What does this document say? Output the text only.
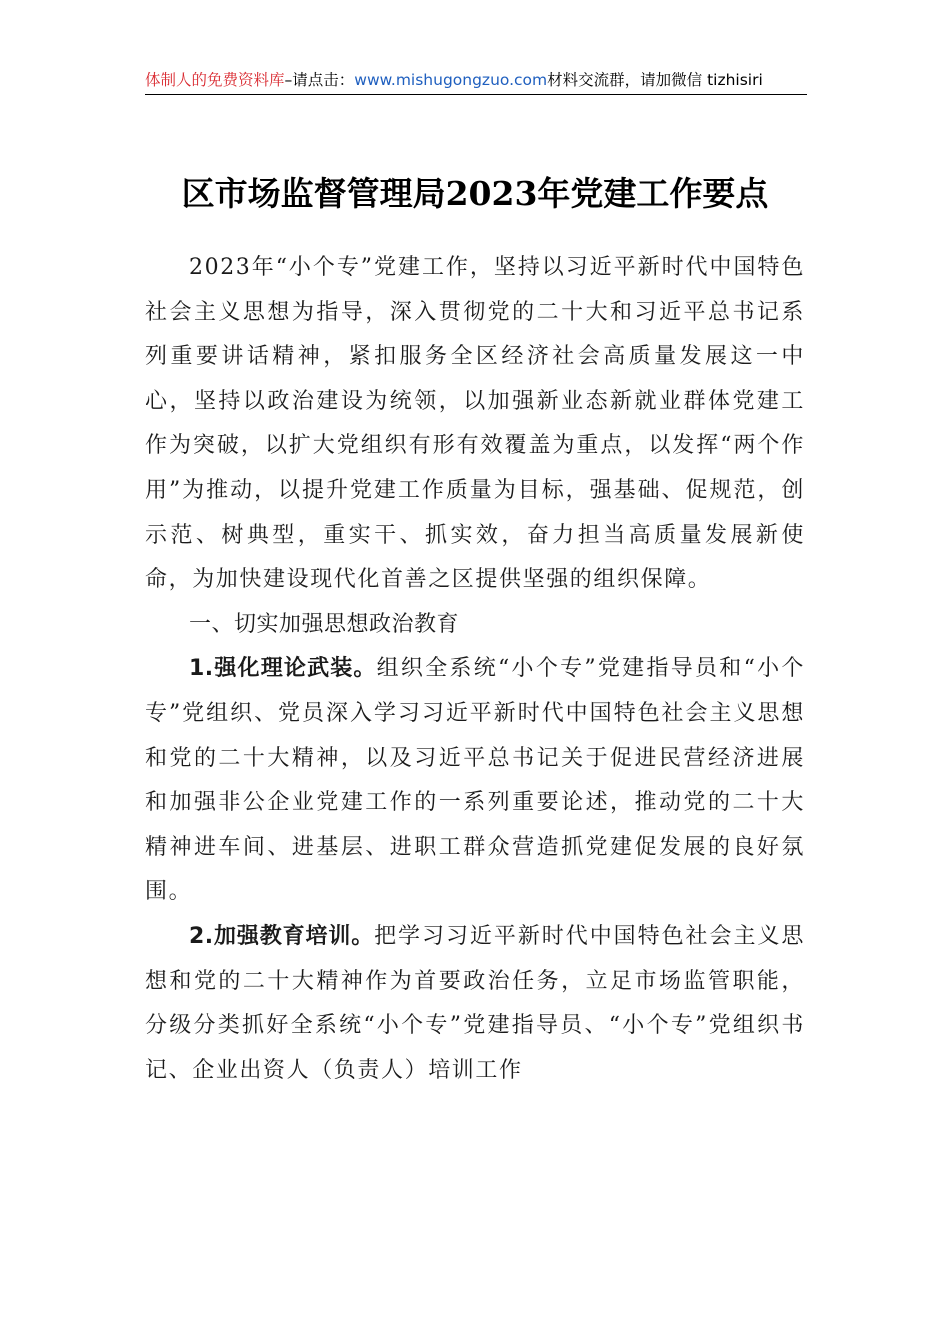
体制人的免费资料库–请点击：www.mishugongzuo.com材料交流群，请加微信 tizhisiri
区市场监督管理局2023年党建工作要点

2023年“小个专”党建工作，坚持以习近平新时代中国特色社会主义思想为指导，深入贯彻党的二十大和习近平总书记系列重要讲话精神，紧扣服务全区经济社会高质量发展这一中心，坚持以政治建设为统领，以加强新业态新就业群体党建工作为突破，以扩大党组织有形有效覆盖为重点，以发挥“两个作用”为推动，以提升党建工作质量为目标，强基础、促规范，创示范、树典型，重实干、抓实效，奋力担当高质量发展新使命，为加快建设现代化首善之区提供坚强的组织保障。

一、切实加强思想政治教育

1.强化理论武装。组织全系统“小个专”党建指导员和“小个专”党组织、党员深入学习习近平新时代中国特色社会主义思想和党的二十大精神，以及习近平总书记关于促进民营经济进展和加强非公企业党建工作的一系列重要论述，推动党的二十大精神进车间、进基层、进职工群众营造抓党建促发展的良好氛围。

2.加强教育培训。把学习习近平新时代中国特色社会主义思想和党的二十大精神作为首要政治任务，立足市场监管职能，分级分类抓好全系统“小个专”党建指导员、“小个专”党组织书记、企业出资人（负责人）培训工作
